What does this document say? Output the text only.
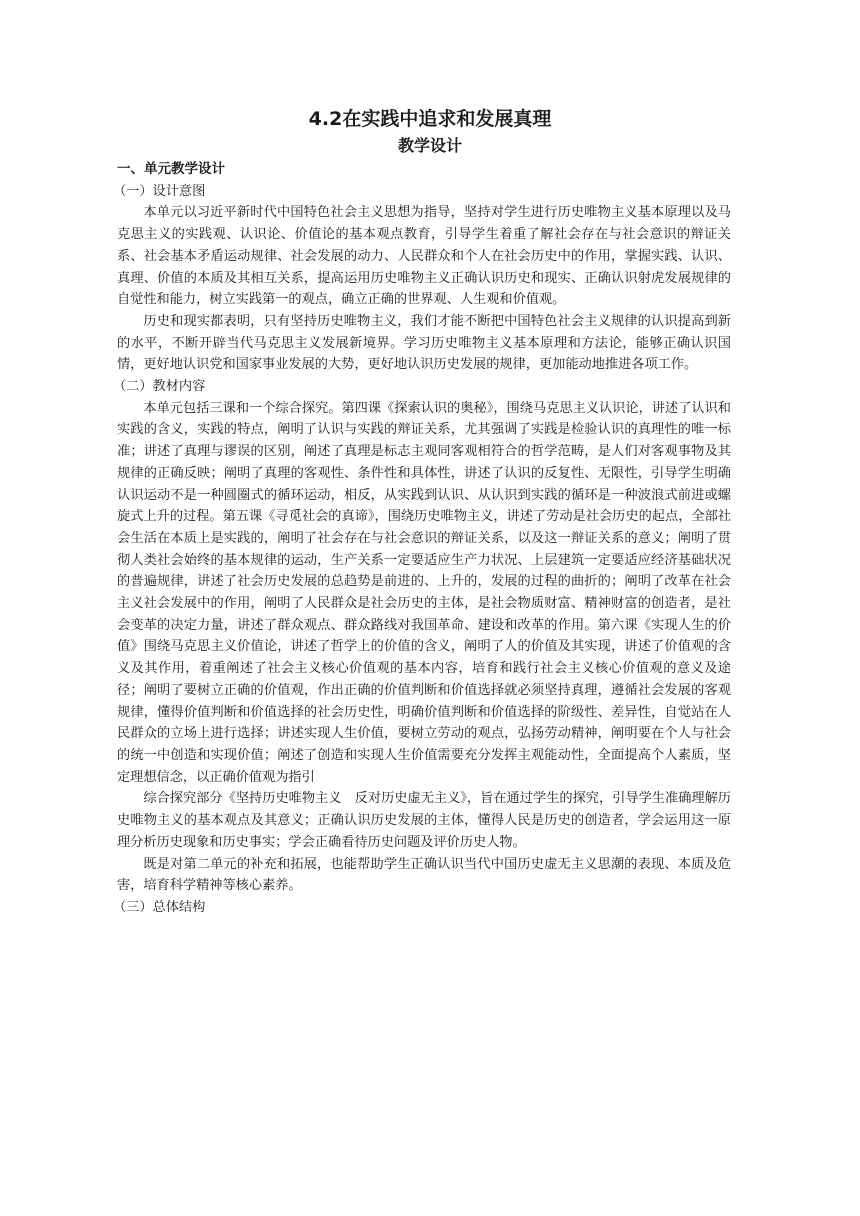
4.2在实践中追求和发展真理
教学设计
一、单元教学设计
（一）设计意图

本单元以习近平新时代中国特色社会主义思想为指导，坚持对学生进行历史唯物主义基本原理以及马克思主义的实践观、认识论、价值论的基本观点教育，引导学生着重了解社会存在与社会意识的辩证关系、社会基本矛盾运动规律、社会发展的动力、人民群众和个人在社会历史中的作用，掌握实践、认识、真理、价值的本质及其相互关系，提高运用历史唯物主义正确认识历史和现实、正确认识射虎发展规律的自觉性和能力，树立实践第一的观点，确立正确的世界观、人生观和价值观。

历史和现实都表明，只有坚持历史唯物主义，我们才能不断把中国特色社会主义规律的认识提高到新的水平，不断开辟当代马克思主义发展新境界。学习历史唯物主义基本原理和方法论，能够正确认识国情，更好地认识党和国家事业发展的大势，更好地认识历史发展的规律，更加能动地推进各项工作。

（二）教材内容

本单元包括三课和一个综合探究。第四课《探索认识的奥秘》，围绕马克思主义认识论，讲述了认识和实践的含义，实践的特点，阐明了认识与实践的辩证关系，尤其强调了实践是检验认识的真理性的唯一标准；讲述了真理与谬误的区别，阐述了真理是标志主观同客观相符合的哲学范畴，是人们对客观事物及其规律的正确反映；阐明了真理的客观性、条件性和具体性，讲述了认识的反复性、无限性，引导学生明确认识运动不是一种圆圈式的循环运动，相反，从实践到认识、从认识到实践的循环是一种波浪式前进或螺旋式上升的过程。第五课《寻觅社会的真谛》，围绕历史唯物主义，讲述了劳动是社会历史的起点，全部社会生活在本质上是实践的，阐明了社会存在与社会意识的辩证关系，以及这一辩证关系的意义；阐明了贯彻人类社会始终的基本规律的运动，生产关系一定要适应生产力状况、上层建筑一定要适应经济基础状况的普遍规律，讲述了社会历史发展的总趋势是前进的、上升的，发展的过程的曲折的；阐明了改革在社会主义社会发展中的作用，阐明了人民群众是社会历史的主体，是社会物质财富、精神财富的创造者，是社会变革的决定力量，讲述了群众观点、群众路线对我国革命、建设和改革的作用。第六课《实现人生的价值》围绕马克思主义价值论，讲述了哲学上的价值的含义，阐明了人的价值及其实现，讲述了价值观的含义及其作用，着重阐述了社会主义核心价值观的基本内容，培育和践行社会主义核心价值观的意义及途径；阐明了要树立正确的价值观，作出正确的价值判断和价值选择就必须坚持真理，遵循社会发展的客观规律，懂得价值判断和价值选择的社会历史性，明确价值判断和价值选择的阶级性、差异性，自觉站在人民群众的立场上进行选择；讲述实现人生价值，要树立劳动的观点，弘扬劳动精神，阐明要在个人与社会的统一中创造和实现价值；阐述了创造和实现人生价值需要充分发挥主观能动性，全面提高个人素质，坚定理想信念，以正确价值观为指引

综合探究部分《坚持历史唯物主义　反对历史虚无主义》，旨在通过学生的探究，引导学生准确理解历史唯物主义的基本观点及其意义；正确认识历史发展的主体，懂得人民是历史的创造者，学会运用这一原理分析历史现象和历史事实；学会正确看待历史问题及评价历史人物。

既是对第二单元的补充和拓展，也能帮助学生正确认识当代中国历史虚无主义思潮的表现、本质及危害，培育科学精神等核心素养。

（三）总体结构
